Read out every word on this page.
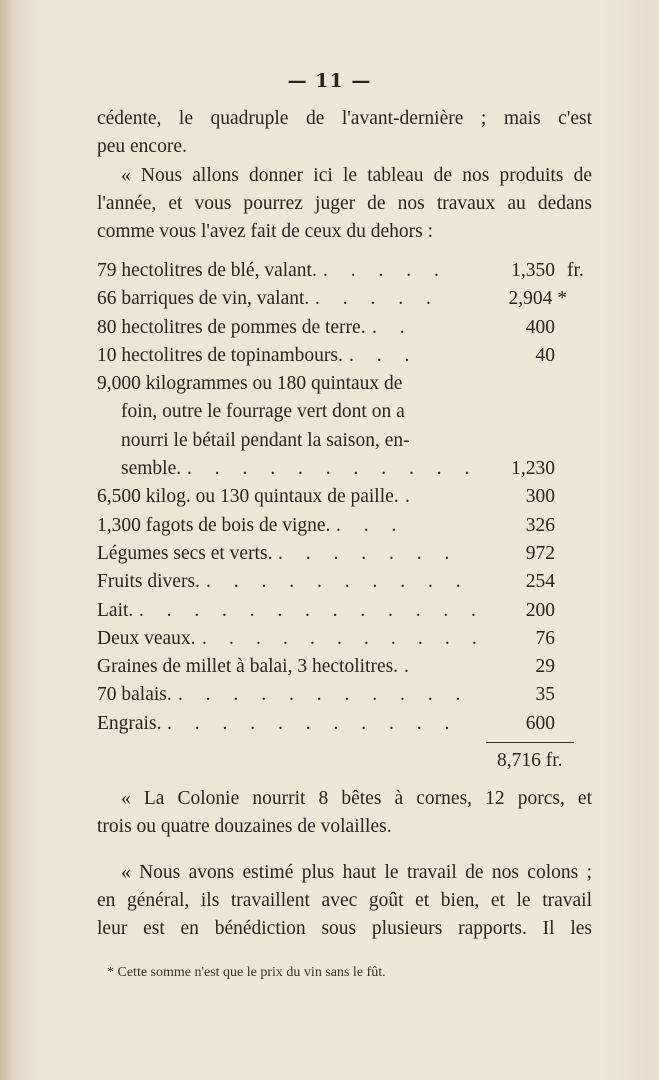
— 11 —
cédente, le quadruple de l'avant-dernière ; mais c'est
peu encore.
« Nous allons donner ici le tableau de nos produits de
l'année, et vous pourrez juger de nos travaux au dedans
comme vous l'avez fait de ceux du dehors :
79 hectolitres de blé, valant. . . . . .	1,350 fr.
66 barriques de vin, valant. . . . . .	2,904 *
80 hectolitres de pommes de terre. . .	400
10 hectolitres de topinambours. . . .	40
9,000 kilogrammes ou 180 quintaux de
foin, outre le fourrage vert dont on a
nourri le bétail pendant la saison, en-
semble. . . . . . . . . . . . 1,230
6,500 kilog. ou 130 quintaux de paille. .	300
1,300 fagots de bois de vigne. . . .	326
Légumes secs et verts. . . . . . . .	972
Fruits divers. . . . . . . . . . .	254
Lait. . . . . . . . . . . . . . 200
Deux veaux. . . . . . . . . . . .	76
Graines de millet à balai, 3 hectolitres. .	29
70 balais. . . . . . . . . . . .	35
Engrais. . . . . . . . . . . .	600
8,716 fr.
« La Colonie nourrit 8 bêtes à cornes, 12 porcs, et
trois ou quatre douzaines de volailles.
« Nous avons estimé plus haut le travail de nos colons ;
en général, ils travaillent avec goût et bien, et le travail
leur est en bénédiction sous plusieurs rapports. Il les
* Cette somme n'est que le prix du vin sans le fût.
